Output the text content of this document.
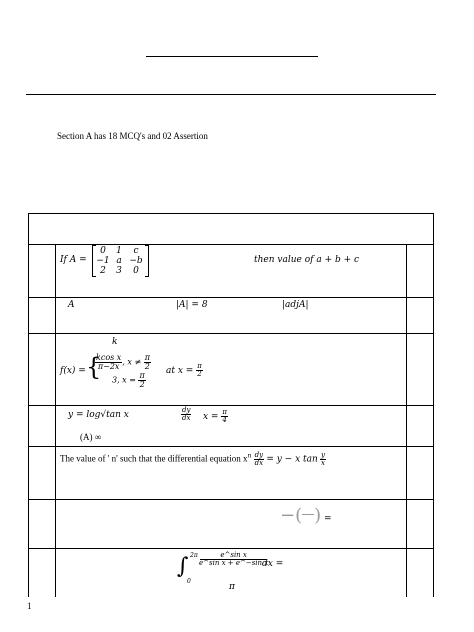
Section A has 18 MCQ's and 02 Assertion
If A =
0	1	c
−1 a −b
2	3	0
then value of a + b + c
A	|A| = 8	|adjA|
k
f(x) = {
$\frac{\text{kcos x}}{\pi-2x}$ , $x \ne \frac{\pi}{2}$
3, $x = \frac{\pi}{2}$
at $x = \frac{\pi}{2}$
y = log√tan x	$\frac{dy}{dx}$ $x = \frac{\pi}{4}$
(A) ∞
The value of ' n' such that the differential equation $x^n \frac{dy}{dx} = y - x$ $\tan \frac{y}{x}$
−( ) =
∫ 2π
0
$\frac{\text{e\textasciicircum{}sin x}}{\text{e\textasciicircum{}sin x + e\textasciicircum{}−sin x}}$
dx =
π
1
